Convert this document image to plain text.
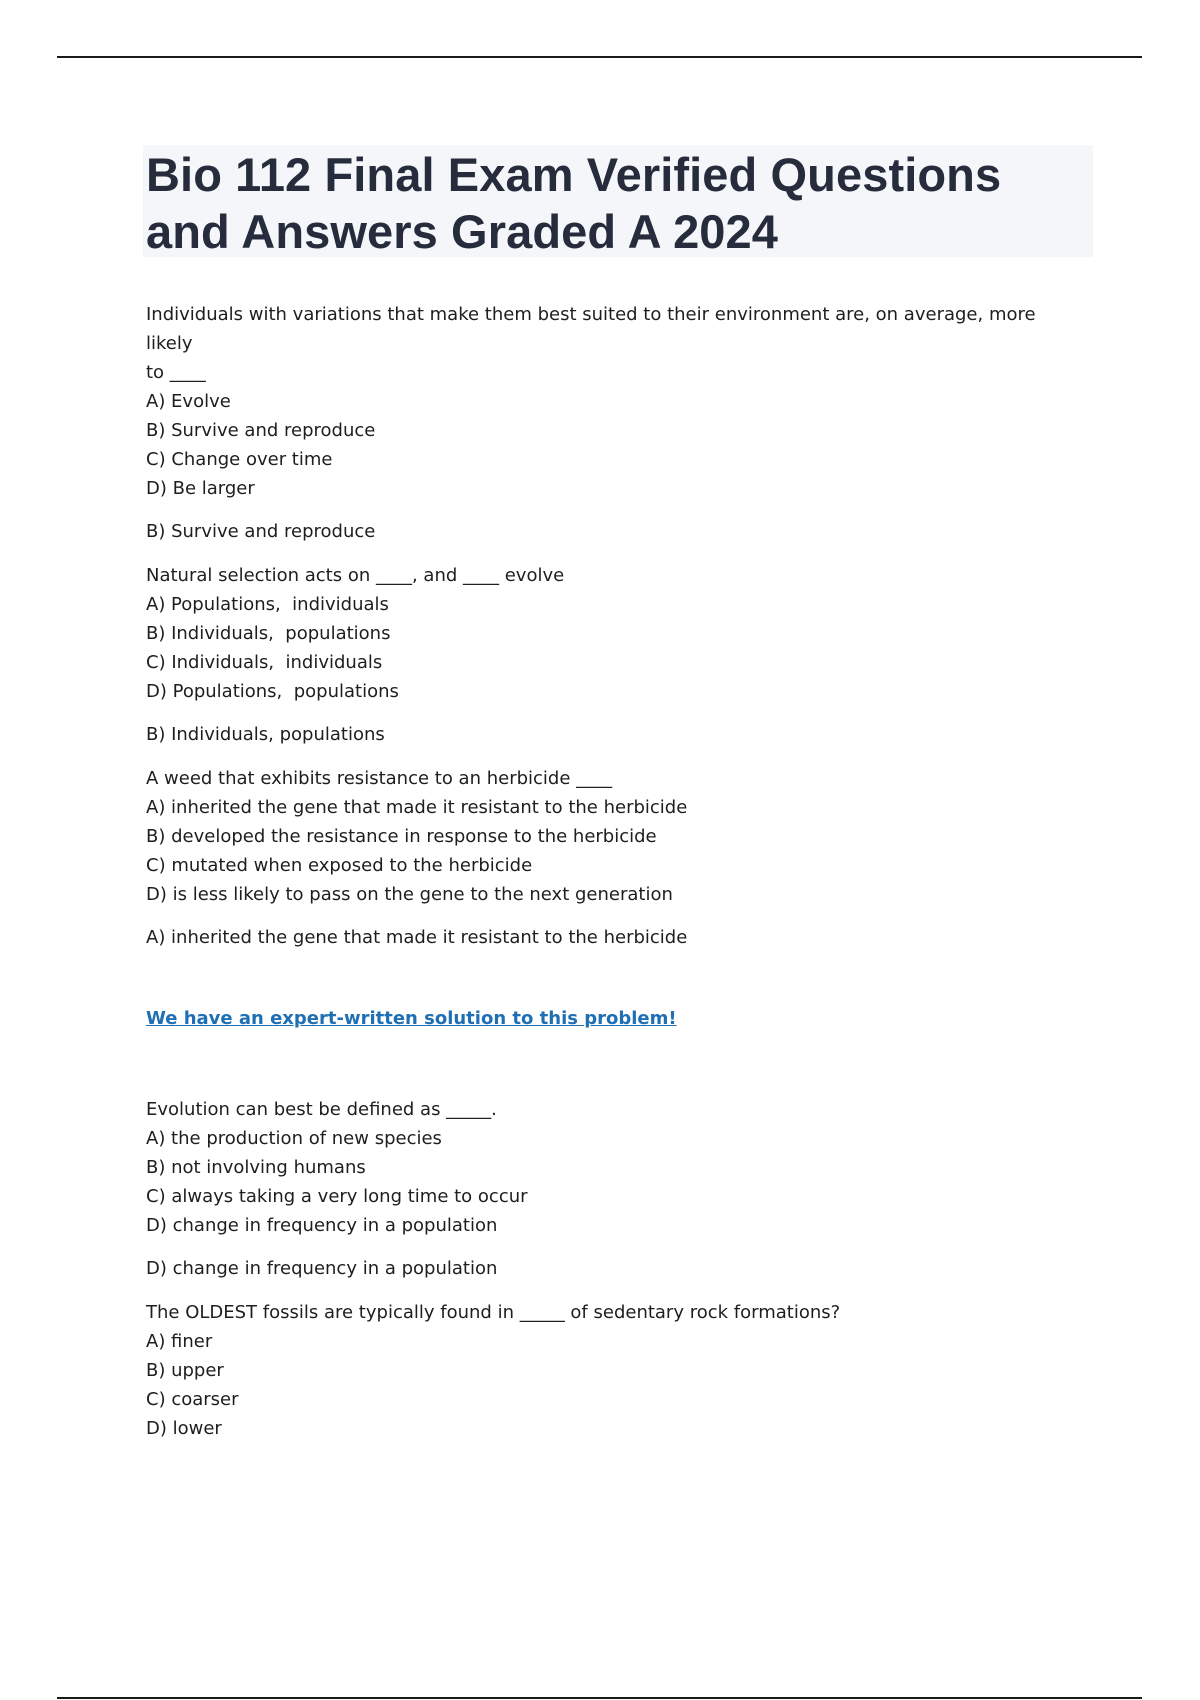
Bio 112 Final Exam Verified Questions and Answers Graded A 2024

Individuals with variations that make them best suited to their environment are, on average, more likely

to ____

A) Evolve

B) Survive and reproduce

C) Change over time

D) Be larger

B) Survive and reproduce

Natural selection acts on ____, and ____ evolve

A) Populations,  individuals

B) Individuals,  populations

C) Individuals,  individuals

D) Populations,  populations

B) Individuals, populations

A weed that exhibits resistance to an herbicide ____

A) inherited the gene that made it resistant to the herbicide

B) developed the resistance in response to the herbicide

C) mutated when exposed to the herbicide

D) is less likely to pass on the gene to the next generation

A) inherited the gene that made it resistant to the herbicide

We have an expert-written solution to this problem!

Evolution can best be defined as _____.

A) the production of new species

B) not involving humans

C) always taking a very long time to occur

D) change in frequency in a population

D) change in frequency in a population

The OLDEST fossils are typically found in _____ of sedentary rock formations?

A) finer

B) upper

C) coarser

D) lower
